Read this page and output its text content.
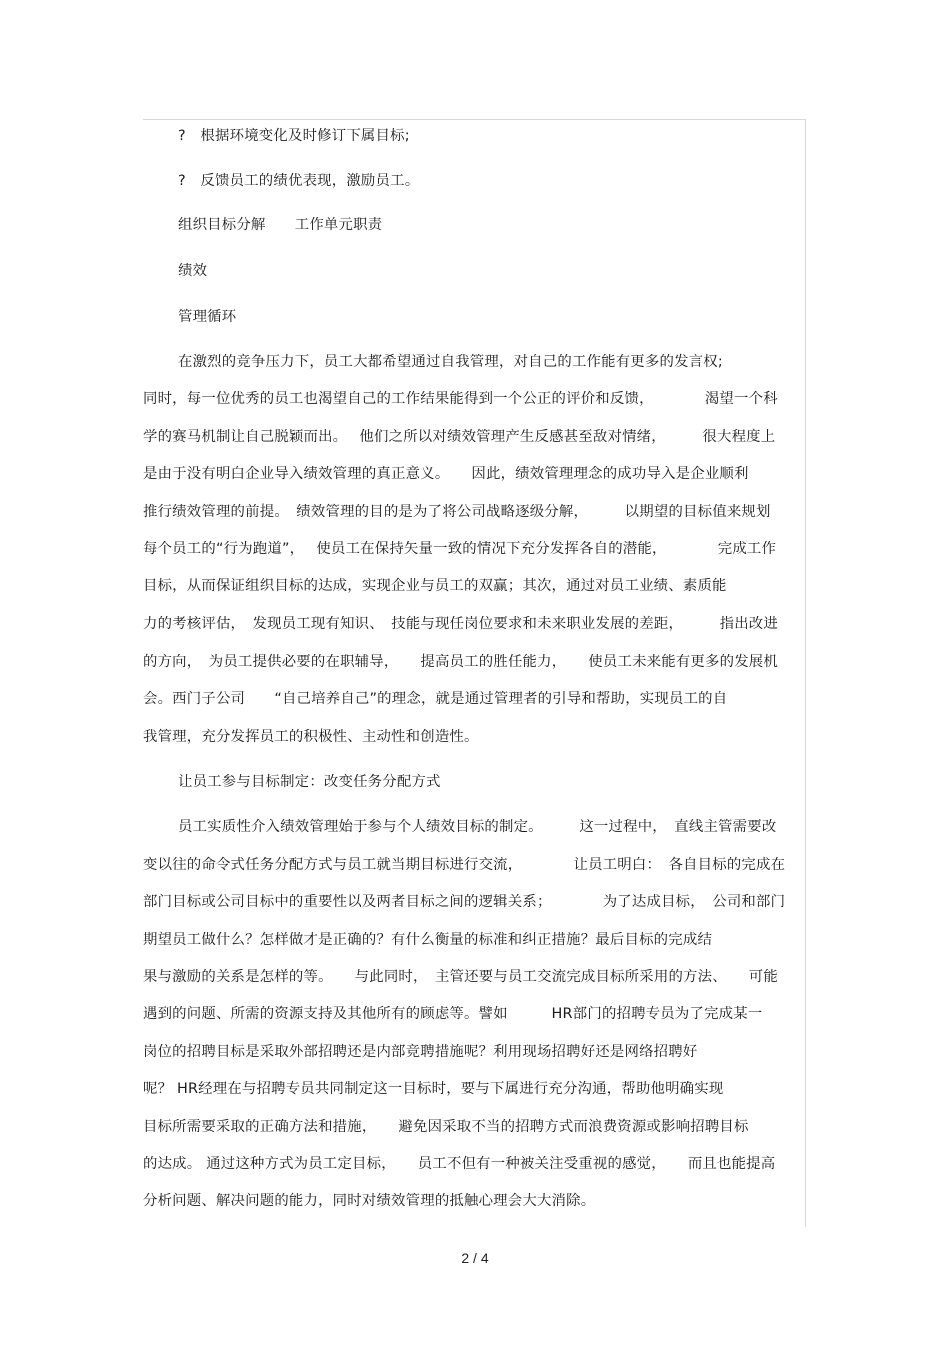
?　根据环境变化及时修订下属目标;
?　反馈员工的绩优表现，激励员工。
组织目标分解　　工作单元职责
绩效
管理循环
在激烈的竞争压力下，员工大都希望通过自我管理，对自己的工作能有更多的发言权;
同时，每一位优秀的员工也渴望自己的工作结果能得到一个公正的评价和反馈，　　　　渴望一个科
学的赛马机制让自己脱颖而出。　 他们之所以对绩效管理产生反感甚至敌对情绪，　　　很大程度上
是由于没有明白企业导入绩效管理的真正意义。　　因此，绩效管理理念的成功导入是企业顺利
推行绩效管理的前提。　绩效管理的目的是为了将公司战略逐级分解，　　　以期望的目标值来规划
每个员工的“行为跑道”，　 使员工在保持矢量一致的情况下充分发挥各自的潜能，　　　　完成工作
目标，从而保证组织目标的达成，实现企业与员工的双赢；其次，通过对员工业绩、素质能
力的考核评估，　发现员工现有知识、　技能与现任岗位要求和未来职业发展的差距，　　　指出改进
的方向，　为员工提供必要的在职辅导，　　提高员工的胜任能力，　　使员工未来能有更多的发展机
会。西门子公司　　“自己培养自己”的理念，就是通过管理者的引导和帮助，实现员工的自
我管理，充分发挥员工的积极性、主动性和创造性。
让员工参与目标制定：改变任务分配方式
员工实质性介入绩效管理始于参与个人绩效目标的制定。　　　这一过程中，　直线主管需要改
变以往的命令式任务分配方式与员工就当期目标进行交流，　　　　让员工明白：　各自目标的完成在
部门目标或公司目标中的重要性以及两者目标之间的逻辑关系；　　　　为了达成目标，　公司和部门
期望员工做什么？怎样做才是正确的？有什么衡量的标准和纠正措施？最后目标的完成结
果与激励的关系是怎样的等。　　与此同时，　主管还要与员工交流完成目标所采用的方法、　　可能
遇到的问题、所需的资源支持及其他所有的顾虑等。譬如　　　HR部门的招聘专员为了完成某一
岗位的招聘目标是采取外部招聘还是内部竞聘措施呢？利用现场招聘好还是网络招聘好
呢？ HR经理在与招聘专员共同制定这一目标时，要与下属进行充分沟通，帮助他明确实现
目标所需要采取的正确方法和措施，　　避免因采取不当的招聘方式而浪费资源或影响招聘目标
的达成。 通过这种方式为员工定目标，　　员工不但有一种被关注受重视的感觉，　　而且也能提高
分析问题、解决问题的能力，同时对绩效管理的抵触心理会大大消除。
2 / 4
